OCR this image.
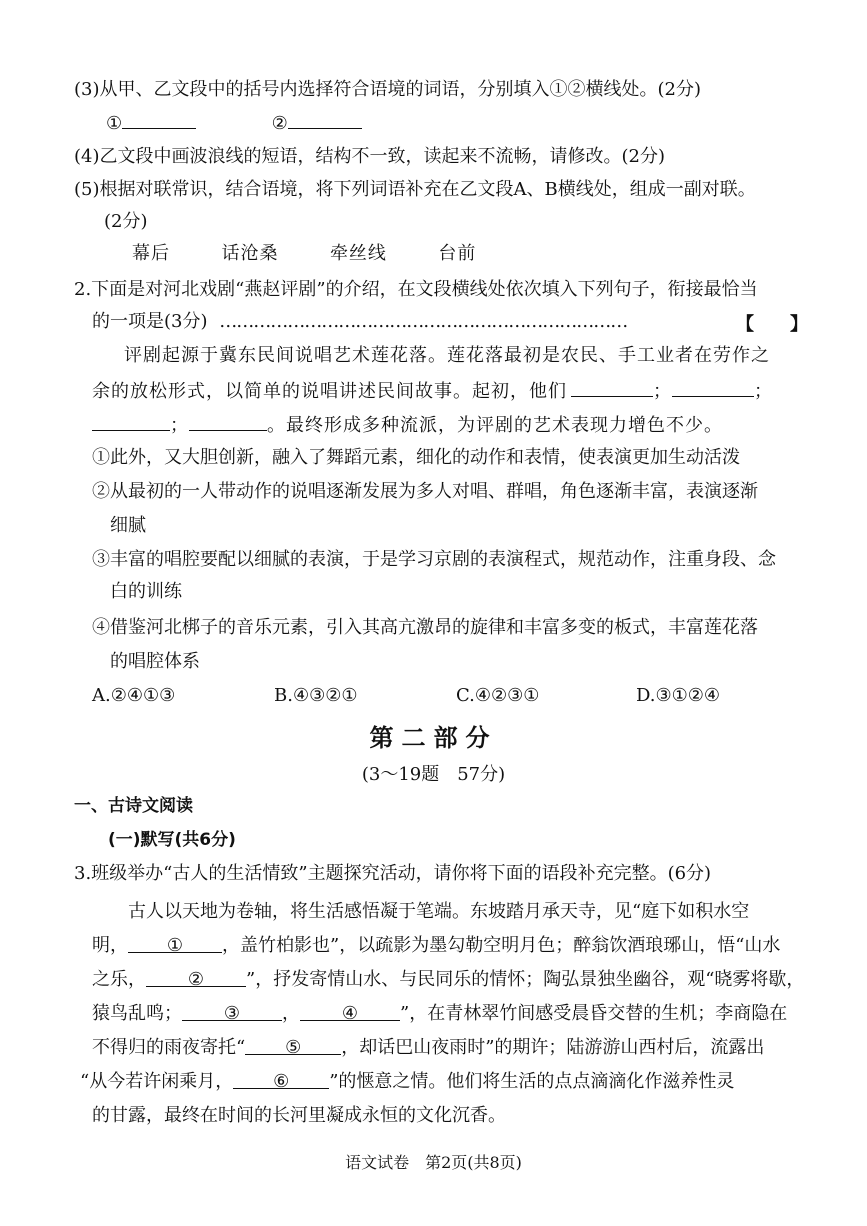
(3)从甲、乙文段中的括号内选择符合语境的词语，分别填入①②横线处。(2分)
①	②
(4)乙文段中画波浪线的短语，结构不一致，读起来不流畅，请修改。(2分)
(5)根据对联常识，结合语境，将下列词语补充在乙文段A、B横线处，组成一副对联。
(2分)
幕后	话沧桑	牵丝线	台前
2.下面是对河北戏剧“燕赵评剧”的介绍，在文段横线处依次填入下列句子，衔接最恰当
的一项是(3分) ………………………………………………………………	【　　】
评剧起源于冀东民间说唱艺术莲花落。莲花落最初是农民、手工业者在劳作之
余的放松形式，以简单的说唱讲述民间故事。起初，他们	；	；
；	。最终形成多种流派，为评剧的艺术表现力增色不少。
①此外，又大胆创新，融入了舞蹈元素，细化的动作和表情，使表演更加生动活泼
②从最初的一人带动作的说唱逐渐发展为多人对唱、群唱，角色逐渐丰富，表演逐渐
细腻
③丰富的唱腔要配以细腻的表演，于是学习京剧的表演程式，规范动作，注重身段、念
白的训练
④借鉴河北梆子的音乐元素，引入其高亢激昂的旋律和丰富多变的板式，丰富莲花落
的唱腔体系
A.②④①③	B.④③②①	C.④②③①	D.③①②④
第二部分
(3～19题　57分)
一、古诗文阅读
(一)默写(共6分)
3.班级举办“古人的生活情致”主题探究活动，请你将下面的语段补充完整。(6分)
古人以天地为卷轴，将生活感悟凝于笔端。东坡踏月承天寺，见“庭下如积水空
明， ① ，盖竹柏影也”，以疏影为墨勾勒空明月色；醉翁饮酒琅琊山，悟“山水
之乐， ② ”，抒发寄情山水、与民同乐的情怀；陶弘景独坐幽谷，观“晓雾将歇，
猿鸟乱鸣； ③ ， ④ ”，在青林翠竹间感受晨昏交替的生机；李商隐在
不得归的雨夜寄托“ ⑤ ，却话巴山夜雨时”的期许；陆游游山西村后，流露出
“从今若许闲乘月， ⑥ ”的惬意之情。他们将生活的点点滴滴化作滋养性灵
的甘露，最终在时间的长河里凝成永恒的文化沉香。
语文试卷　第2页(共8页)
